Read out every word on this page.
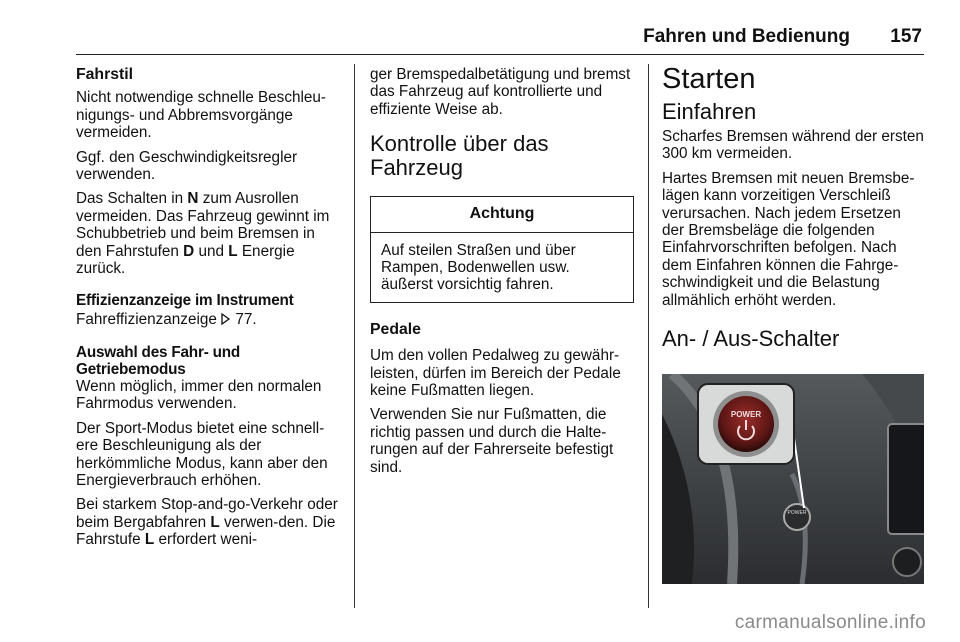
Fahren und Bedienung 157
Fahrstil

Nicht notwendige schnelle Beschleu-nigungs- und Abbremsvorgänge vermeiden.

Ggf. den Geschwindigkeitsregler verwenden.

Das Schalten in N zum Ausrollen vermeiden. Das Fahrzeug gewinnt im Schubbetrieb und beim Bremsen in den Fahrstufen D und L Energie zurück.

Effizienzanzeige im Instrument

Fahreffizienzanzeige 77.

Auswahl des Fahr- und Getriebemodus

Wenn möglich, immer den normalen Fahrmodus verwenden.

Der Sport-Modus bietet eine schnell-ere Beschleunigung als der herkömmliche Modus, kann aber den Energieverbrauch erhöhen.

Bei starkem Stop-and-go-Verkehr oder beim Bergabfahren L verwen-den. Die Fahrstufe L erfordert weni-

ger Bremspedalbetätigung und bremst das Fahrzeug auf kontrollierte und effiziente Weise ab.

Kontrolle über das Fahrzeug
Achtung
Auf steilen Straßen und über Rampen, Bodenwellen usw. äußerst vorsichtig fahren.
Pedale

Um den vollen Pedalweg zu gewähr-leisten, dürfen im Bereich der Pedale keine Fußmatten liegen.

Verwenden Sie nur Fußmatten, die richtig passen und durch die Halte-rungen auf der Fahrerseite befestigt sind.

Starten
Einfahren

Scharfes Bremsen während der ersten 300 km vermeiden.

Hartes Bremsen mit neuen Bremsbe-lägen kann vorzeitigen Verschleiß verursachen. Nach jedem Ersetzen der Bremsbeläge die folgenden Einfahrvorschriften befolgen. Nach dem Einfahren können die Fahrge-schwindigkeit und die Belastung allmählich erhöht werden.

An- / Aus-Schalter
POWER
POWER
carmanualsonline.info
